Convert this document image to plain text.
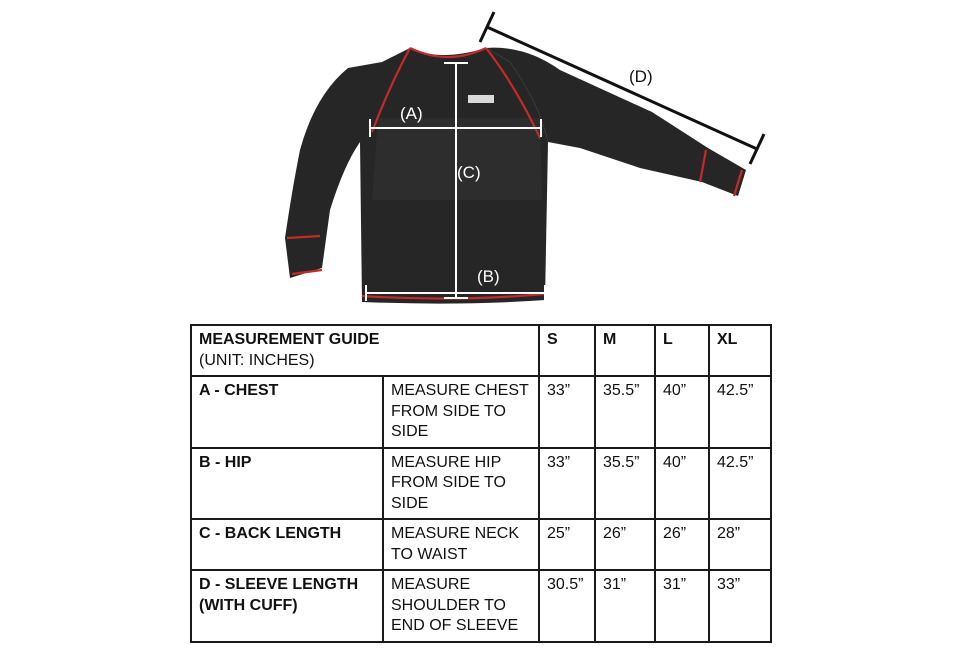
(A)
(C)
(B)
(D)
MEASUREMENT GUIDE
(UNIT: INCHES)		S	M	L	XL
A - CHEST	MEASURE CHEST FROM SIDE TO SIDE	33”	35.5”	40”	42.5”
B - HIP	MEASURE HIP FROM SIDE TO SIDE	33”	35.5”	40”	42.5”
C - BACK LENGTH	MEASURE NECK TO WAIST	25”	26”	26”	28”
D - SLEEVE LENGTH (WITH CUFF)	MEASURE SHOULDER TO END OF SLEEVE	30.5”	31”	31”	33”
